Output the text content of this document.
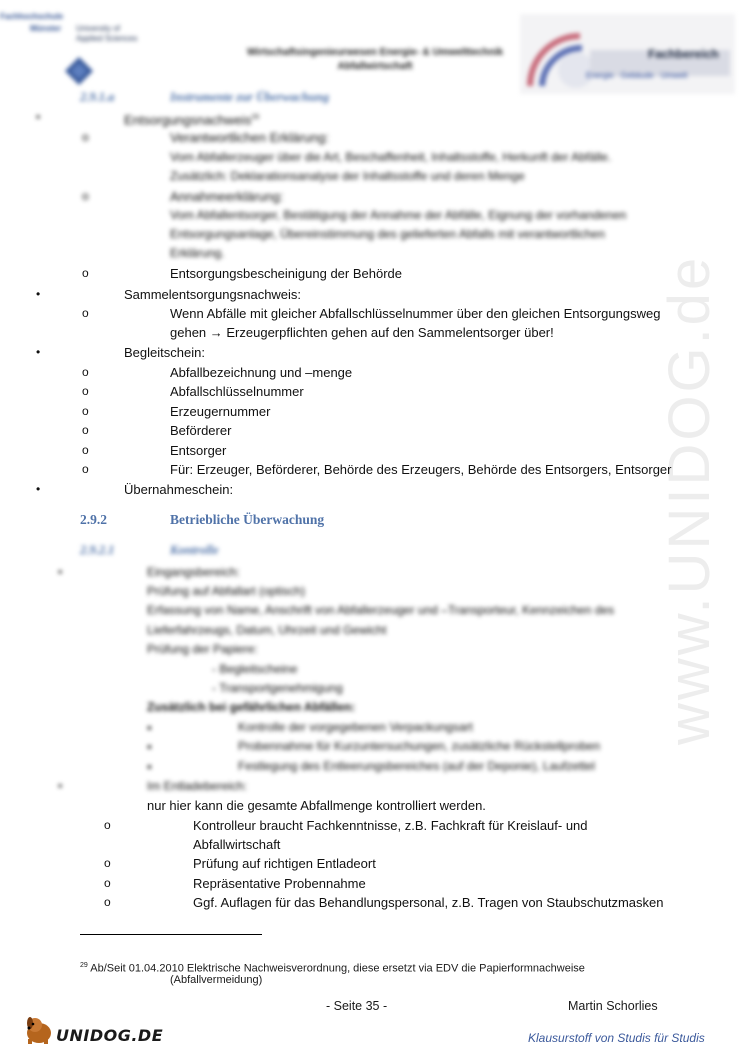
www.UNIDOG.de
Fachhochschule
Münster University of
Applied Sciences
Wirtschaftsingenieurwesen Energie- & Umwelttechnik
Abfallwirtschaft
Fachbereich
Energie · Gebäude · Umwelt
2.9.1.a	Instrumente zur Überwachung
•	Entsorgungsnachweis$^{29}$
o	Verantwortlichen Erklärung:
Vom Abfallerzeuger über die Art, Beschaffenheit, Inhaltsstoffe, Herkunft der Abfälle.
Zusätzlich: Deklarationsanalyse der Inhaltsstoffe und deren Menge
o	Annahmeerklärung:
Vom Abfallentsorger, Bestätigung der Annahme der Abfälle, Eignung der vorhandenen
Entsorgungsanlage, Übereinstimmung des gelieferten Abfalls mit verantwortlichen
Erklärung.
o	Entsorgungsbescheinigung der Behörde
•	Sammelentsorgungsnachweis:
o	Wenn Abfälle mit gleicher Abfallschlüsselnummer über den gleichen Entsorgungsweg
gehen → Erzeugerpflichten gehen auf den Sammelentsorger über!
•	Begleitschein:
o	Abfallbezeichnung und –menge
o	Abfallschlüsselnummer
o	Erzeugernummer
o	Beförderer
o	Entsorger
o	Für: Erzeuger, Beförderer, Behörde des Erzeugers, Behörde des Entsorgers, Entsorger
•	Übernahmeschein:
2.9.2	Betriebliche Überwachung
2.9.2.1	Kontrolle
•	Eingangsbereich:
Prüfung auf Abfallart (optisch)
Erfassung von Name, Anschrift von Abfallerzeuger und –Transporteur, Kennzeichen des
Lieferfahrzeugs, Datum, Uhrzeit und Gewicht
Prüfung der Papiere:
- Begleitscheine
- Transportgenehmigung
Zusätzlich bei gefährlichen Abfällen:
▪	Kontrolle der vorgegebenen Verpackungsart
▪	Probennahme für Kurzuntersuchungen, zusätzliche Rückstellproben
▪	Festlegung des Entleerungsbereiches (auf der Deponie), Laufzettel
•	Im Entladebereich:
nur hier kann die gesamte Abfallmenge kontrolliert werden.
o	Kontrolleur braucht Fachkenntnisse, z.B. Fachkraft für Kreislauf- und
Abfallwirtschaft
o	Prüfung auf richtigen Entladeort
o	Repräsentative Probennahme
o	Ggf. Auflagen für das Behandlungspersonal, z.B. Tragen von Staubschutzmasken
$^{29}$ Ab/Seit 01.04.2010 Elektrische Nachweisverordnung, diese ersetzt via EDV die Papierformnachweise
(Abfallvermeidung)
- Seite 35 -	Martin Schorlies
UNIDOG.DE	Klausurstoff von Studis für Studis
